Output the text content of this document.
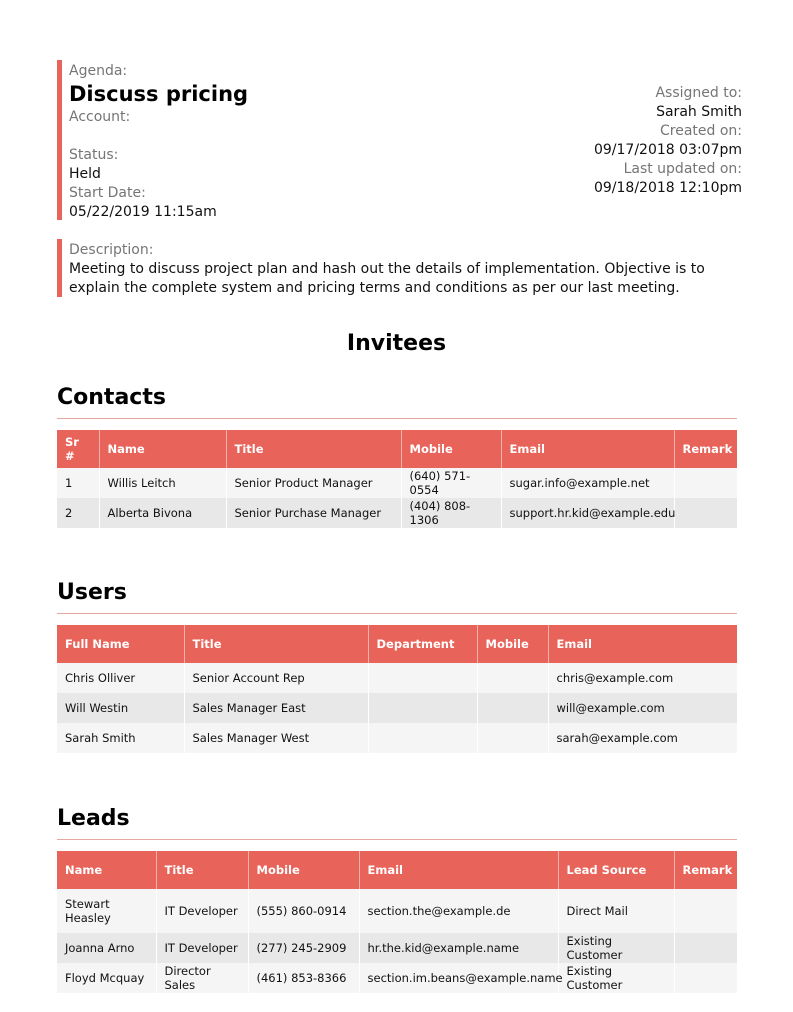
Agenda:
Discuss pricing
Account:
Status:
Held
Start Date:
05/22/2019 11:15am
Assigned to:
Sarah Smith
Created on:
09/17/2018 03:07pm
Last updated on:
09/18/2018 12:10pm
Description:
Meeting to discuss project plan and hash out the details of implementation. Objective is to explain the complete system and pricing terms and conditions as per our last meeting.
Invitees
Contacts
Sr #	Name	Title	Mobile	Email	Remark
1	Willis Leitch	Senior Product Manager	(640) 571-0554	sugar.info@example.net	
2	Alberta Bivona	Senior Purchase Manager	(404) 808-1306	support.hr.kid@example.edu	
Users
Full Name	Title	Department	Mobile	Email
Chris Olliver	Senior Account Rep			chris@example.com
Will Westin	Sales Manager East			will@example.com
Sarah Smith	Sales Manager West			sarah@example.com
Leads
Name	Title	Mobile	Email	Lead Source	Remark
Stewart Heasley	IT Developer	(555) 860-0914	section.the@example.de	Direct Mail	
Joanna Arno	IT Developer	(277) 245-2909	hr.the.kid@example.name	Existing Customer	
Floyd Mcquay	Director Sales	(461) 853-8366	section.im.beans@example.name	Existing Customer	
